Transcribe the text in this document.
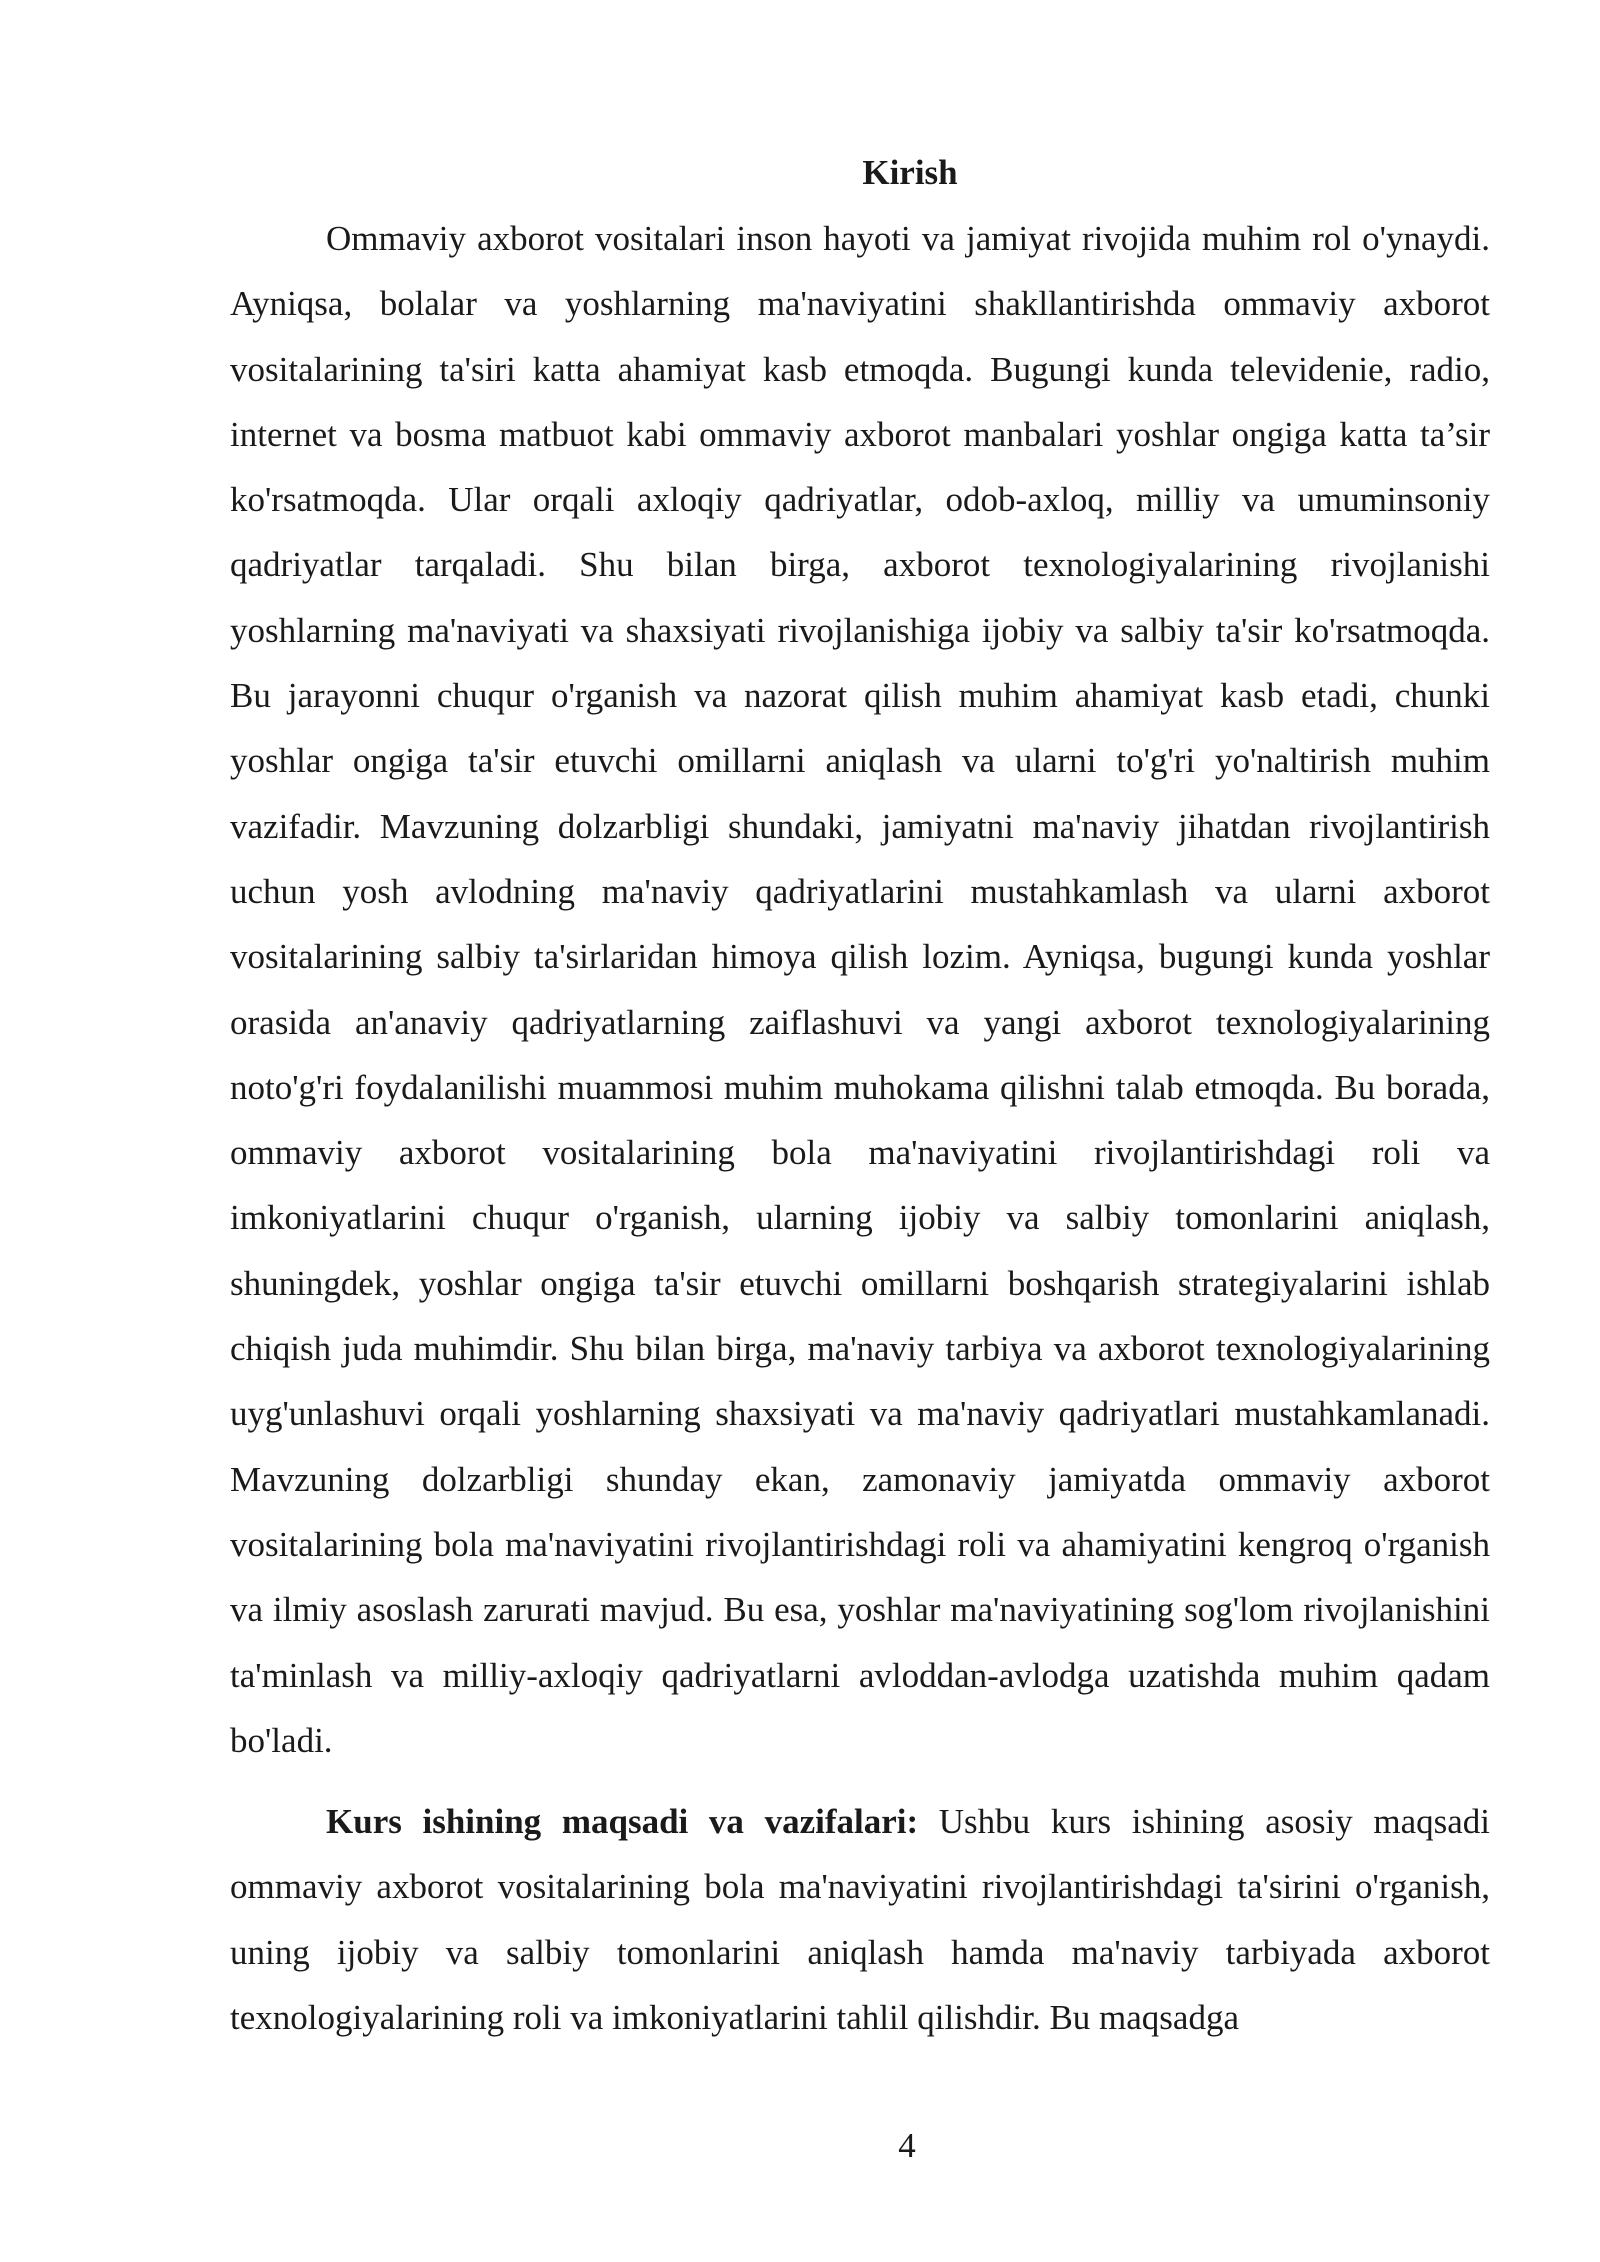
Kirish

Ommaviy axborot vositalari inson hayoti va jamiyat rivojida muhim rol o'ynaydi. Ayniqsa, bolalar va yoshlarning ma'naviyatini shakllantirishda ommaviy axborot vositalarining ta'siri katta ahamiyat kasb etmoqda. Bugungi kunda televidenie, radio, internet va bosma matbuot kabi ommaviy axborot manbalari yoshlar ongiga katta ta’sir ko'rsatmoqda. Ular orqali axloqiy qadriyatlar, odob-axloq, milliy va umuminsoniy qadriyatlar tarqaladi. Shu bilan birga, axborot texnologiyalarining rivojlanishi yoshlarning ma'naviyati va shaxsiyati rivojlanishiga ijobiy va salbiy ta'sir ko'rsatmoqda. Bu jarayonni chuqur o'rganish va nazorat qilish muhim ahamiyat kasb etadi, chunki yoshlar ongiga ta'sir etuvchi omillarni aniqlash va ularni to'g'ri yo'naltirish muhim vazifadir. Mavzuning dolzarbligi shundaki, jamiyatni ma'naviy jihatdan rivojlantirish uchun yosh avlodning ma'naviy qadriyatlarini mustahkamlash va ularni axborot vositalarining salbiy ta'sirlaridan himoya qilish lozim. Ayniqsa, bugungi kunda yoshlar orasida an'anaviy qadriyatlarning zaiflashuvi va yangi axborot texnologiyalarining noto'g'ri foydalanilishi muammosi muhim muhokama qilishni talab etmoqda. Bu borada, ommaviy axborot vositalarining bola ma'naviyatini rivojlantirishdagi roli va imkoniyatlarini chuqur o'rganish, ularning ijobiy va salbiy tomonlarini aniqlash, shuningdek, yoshlar ongiga ta'sir etuvchi omillarni boshqarish strategiyalarini ishlab chiqish juda muhimdir. Shu bilan birga, ma'naviy tarbiya va axborot texnologiyalarining uyg'unlashuvi orqali yoshlarning shaxsiyati va ma'naviy qadriyatlari mustahkamlanadi. Mavzuning dolzarbligi shunday ekan, zamonaviy jamiyatda ommaviy axborot vositalarining bola ma'naviyatini rivojlantirishdagi roli va ahamiyatini kengroq o'rganish va ilmiy asoslash zarurati mavjud. Bu esa, yoshlar ma'naviyatining sog'lom rivojlanishini ta'minlash va milliy-axloqiy qadriyatlarni avloddan-avlodga uzatishda muhim qadam bo'ladi.

Kurs ishining maqsadi va vazifalari: Ushbu kurs ishining asosiy maqsadi ommaviy axborot vositalarining bola ma'naviyatini rivojlantirishdagi ta'sirini o'rganish, uning ijobiy va salbiy tomonlarini aniqlash hamda ma'naviy tarbiyada axborot texnologiyalarining roli va imkoniyatlarini tahlil qilishdir. Bu maqsadga

4
